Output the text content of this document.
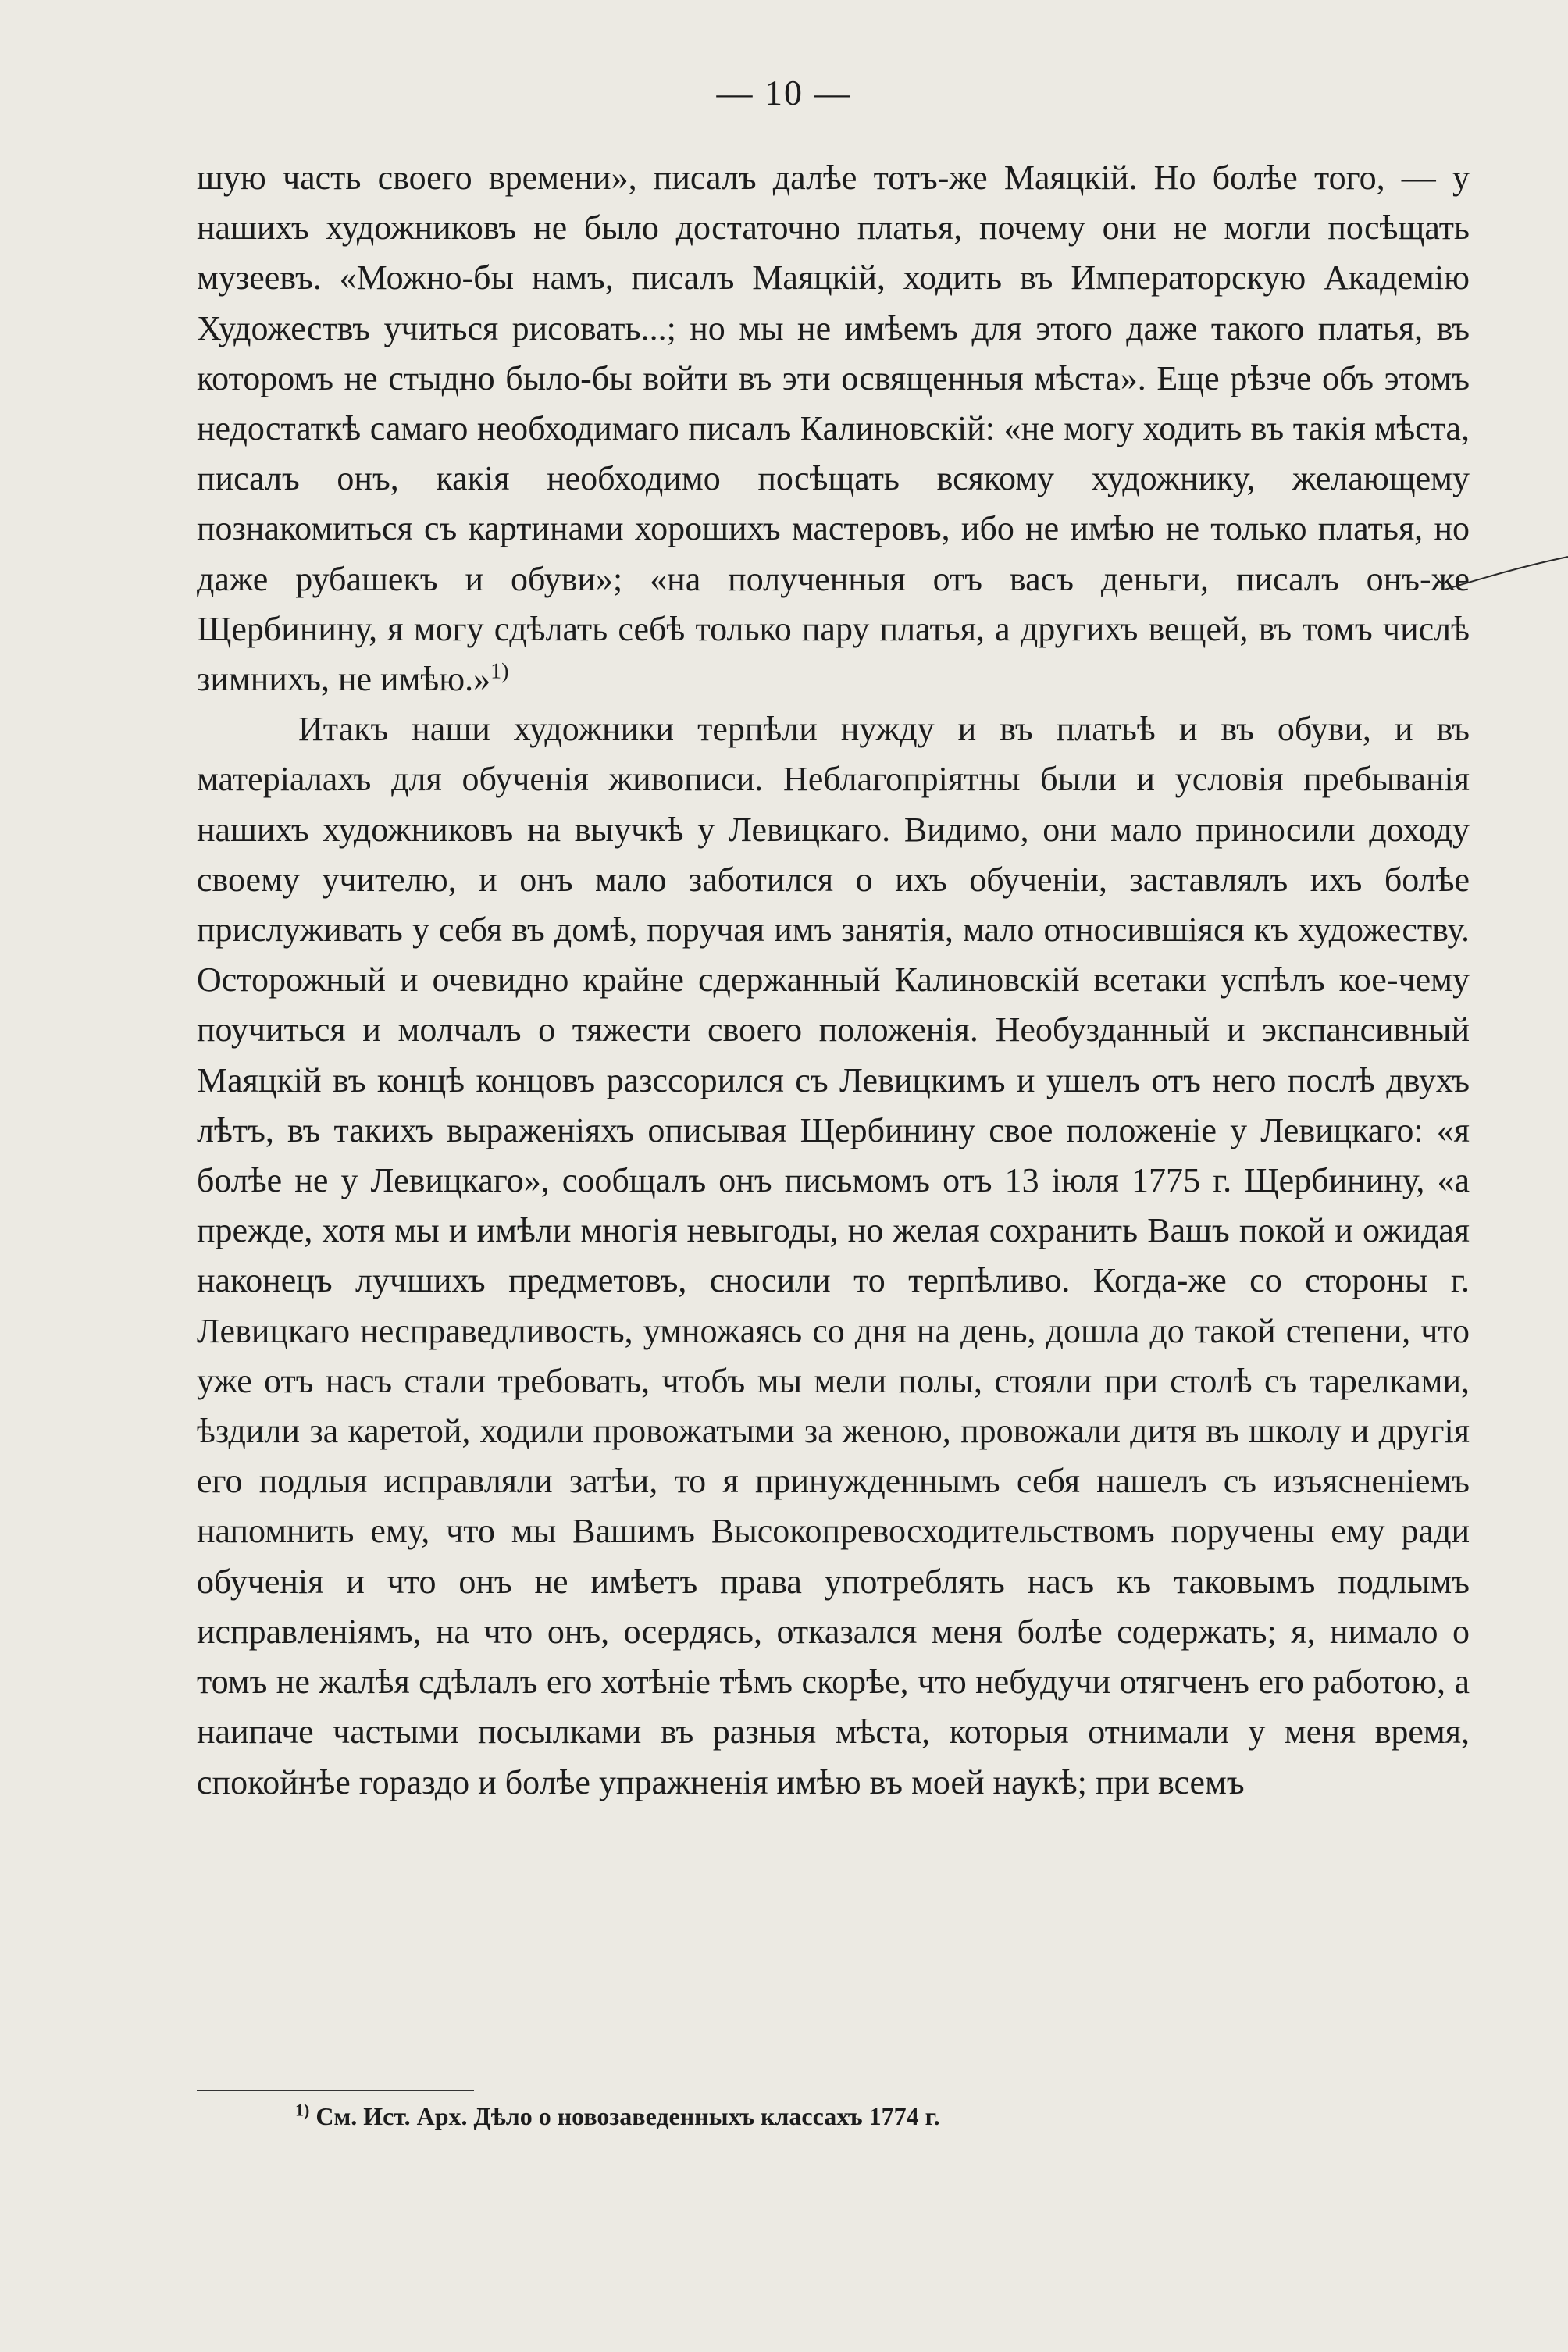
— 10 —

шую часть своего времени», писалъ далѣе тотъ-же Маяцкій. Но болѣе того, — у нашихъ художниковъ не было достаточно платья, почему они не могли посѣщать музеевъ. «Можно-бы намъ, писалъ Маяцкій, ходить въ Императорскую Академію Художествъ учиться рисовать...; но мы не имѣемъ для этого даже такого платья, въ которомъ не стыдно было-бы войти въ эти освященныя мѣста». Еще рѣзче объ этомъ недостаткѣ самаго необходимаго писалъ Калиновскій: «не могу ходить въ такія мѣста, писалъ онъ, какія необходимо посѣщать всякому художнику, желающему познакомиться съ картинами хорошихъ мастеровъ, ибо не имѣю не только платья, но даже рубашекъ и обуви»; «на полученныя отъ васъ деньги, писалъ онъ-же Щербинину, я могу сдѣлать себѣ только пару платья, а другихъ вещей, въ томъ числѣ зимнихъ, не имѣю.»$^{1)}$

Итакъ наши художники терпѣли нужду и въ платьѣ и въ обуви, и въ матеріалахъ для обученія живописи. Неблагопріятны были и условія пребыванія нашихъ художниковъ на выучкѣ у Левицкаго. Видимо, они мало приносили доходу своему учителю, и онъ мало заботился о ихъ обученіи, заставлялъ ихъ болѣе прислуживать у себя въ домѣ, поручая имъ занятія, мало относившіяся къ художеству. Осторожный и очевидно крайне сдержанный Калиновскій всетаки успѣлъ кое-чему поучиться и молчалъ о тяжести своего положенія. Необузданный и экспансивный Маяцкій въ концѣ концовъ разссорился съ Левицкимъ и ушелъ отъ него послѣ двухъ лѣтъ, въ такихъ выраженіяхъ описывая Щербинину свое положеніе у Левицкаго: «я болѣе не у Левицкаго», сообщалъ онъ письмомъ отъ 13 іюля 1775 г. Щербинину, «а прежде, хотя мы и имѣли многія невыгоды, но желая сохранить Вашъ покой и ожидая наконецъ лучшихъ предметовъ, сносили то терпѣливо. Когда-же со стороны г. Левицкаго несправедливость, умножаясь со дня на день, дошла до такой степени, что уже отъ насъ стали требовать, чтобъ мы мели полы, стояли при столѣ съ тарелками, ѣздили за каретой, ходили провожатыми за женою, провожали дитя въ школу и другія его подлыя исправляли затѣи, то я принужденнымъ себя нашелъ съ изъясненіемъ напомнить ему, что мы Вашимъ Высокопревосходительствомъ поручены ему ради обученія и что онъ не имѣетъ права употреблять насъ къ таковымъ подлымъ исправленіямъ, на что онъ, осердясь, отказался меня болѣе содержать; я, нимало о томъ не жалѣя сдѣлалъ его хотѣніе тѣмъ скорѣе, что небудучи отягченъ его работою, а наипаче частыми посылками въ разныя мѣста, которыя отнимали у меня время, спокойнѣе гораздо и болѣе упражненія имѣю въ моей наукѣ; при всемъ

$^{1)}$ См. Ист. Арх. Дѣло о новозаведенныхъ классахъ 1774 г.
